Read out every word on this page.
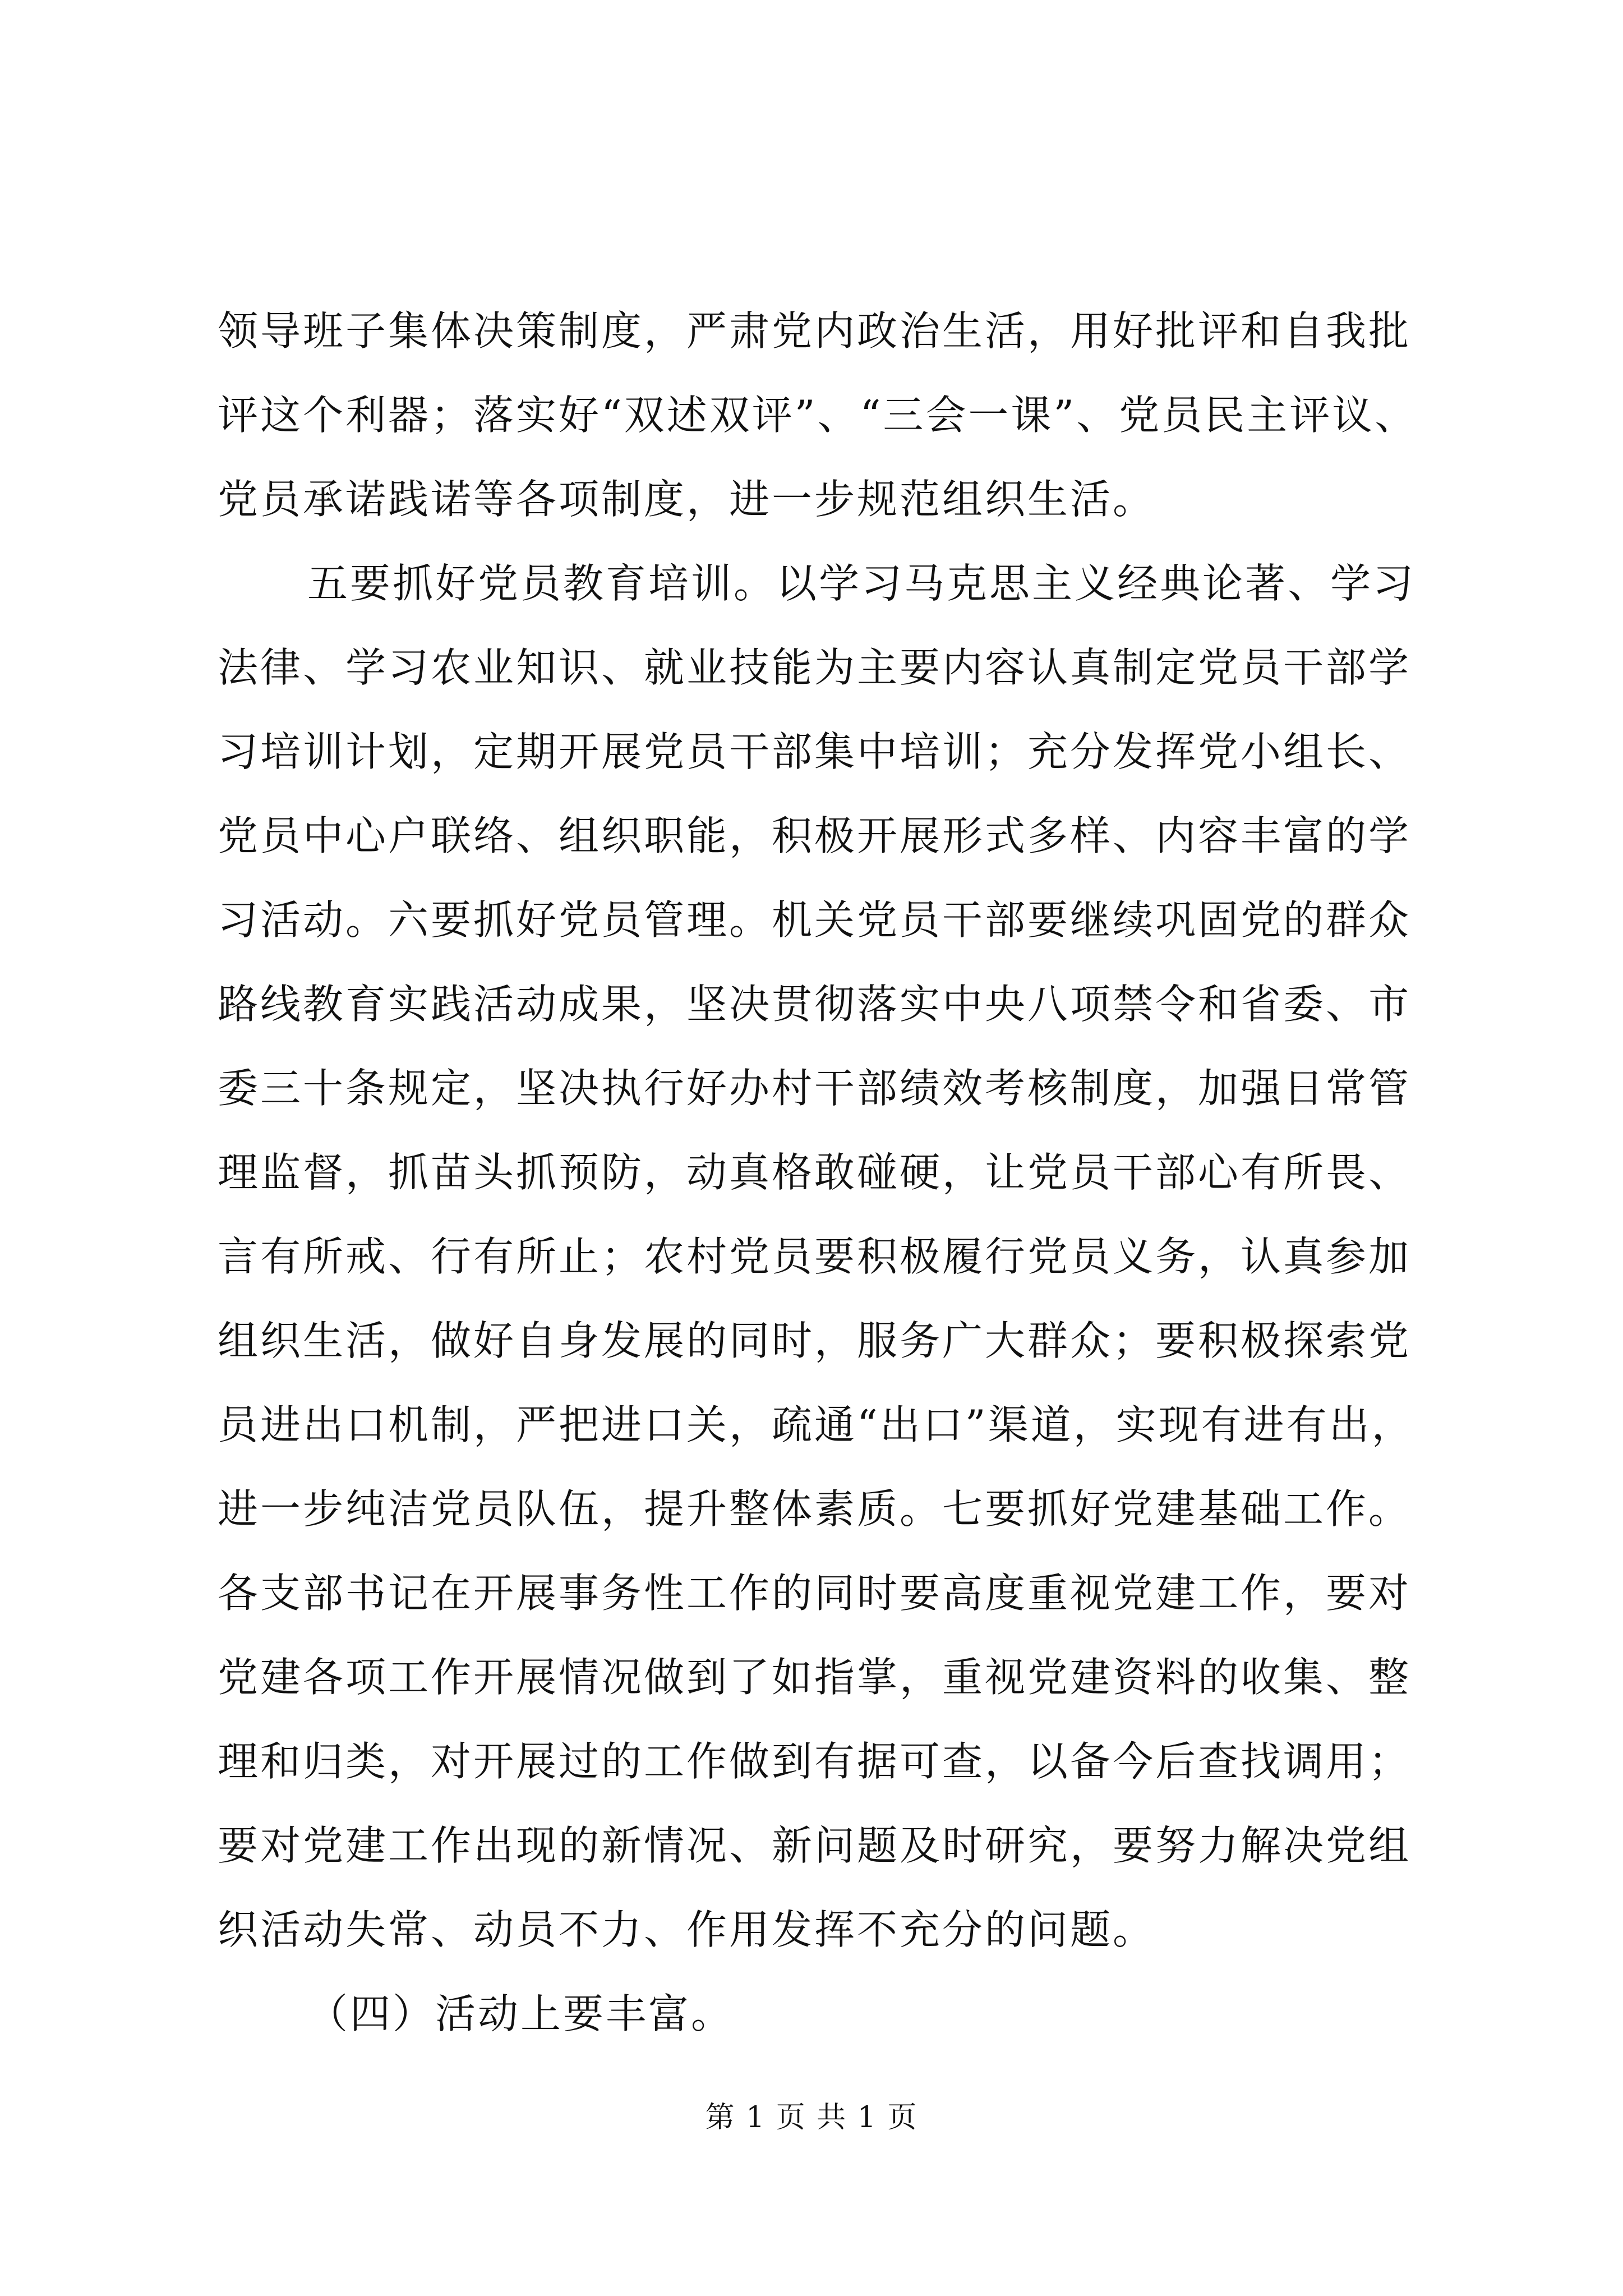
领导班子集体决策制度，严肃党内政治生活，用好批评和自我批
评这个利器；落实好“双述双评”、“三会一课”、党员民主评议、
党员承诺践诺等各项制度，进一步规范组织生活。
五要抓好党员教育培训。以学习马克思主义经典论著、学习
法律、学习农业知识、就业技能为主要内容认真制定党员干部学
习培训计划，定期开展党员干部集中培训；充分发挥党小组长、
党员中心户联络、组织职能，积极开展形式多样、内容丰富的学
习活动。六要抓好党员管理。机关党员干部要继续巩固党的群众
路线教育实践活动成果，坚决贯彻落实中央八项禁令和省委、市
委三十条规定，坚决执行好办村干部绩效考核制度，加强日常管
理监督，抓苗头抓预防，动真格敢碰硬，让党员干部心有所畏、
言有所戒、行有所止；农村党员要积极履行党员义务，认真参加
组织生活，做好自身发展的同时，服务广大群众；要积极探索党
员进出口机制，严把进口关，疏通“出口”渠道，实现有进有出，
进一步纯洁党员队伍，提升整体素质。七要抓好党建基础工作。
各支部书记在开展事务性工作的同时要高度重视党建工作，要对
党建各项工作开展情况做到了如指掌，重视党建资料的收集、整
理和归类，对开展过的工作做到有据可查，以备今后查找调用；
要对党建工作出现的新情况、新问题及时研究，要努力解决党组
织活动失常、动员不力、作用发挥不充分的问题。
（四）活动上要丰富。
第 1 页 共 1 页
